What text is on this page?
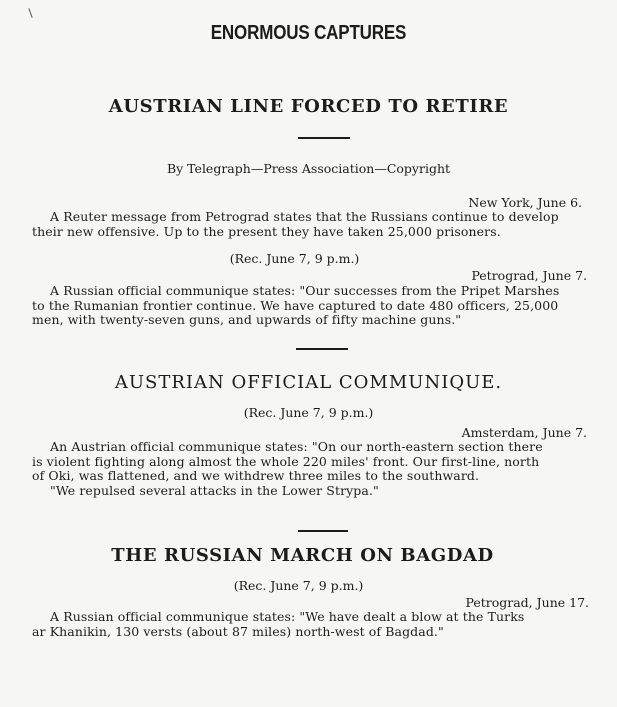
ENORMOUS CAPTURES
AUSTRIAN LINE FORCED TO RETIRE
By Telegraph—Press Association—Copyright
New York, June 6.
A Reuter message from Petrograd states that the Russians continue to develop
their new offensive. Up to the present they have taken 25,000 prisoners.
(Rec. June 7, 9 p.m.)
Petrograd, June 7.
A Russian official communique states: "Our successes from the Pripet Marshes
to the Rumanian frontier continue. We have captured to date 480 officers, 25,000
men, with twenty-seven guns, and upwards of fifty machine guns."
AUSTRIAN OFFICIAL COMMUNIQUE.
(Rec. June 7, 9 p.m.)
Amsterdam, June 7.
An Austrian official communique states: "On our north-eastern section there
is violent fighting along almost the whole 220 miles' front. Our first-line, north
of Oki, was flattened, and we withdrew three miles to the southward.
"We repulsed several attacks in the Lower Strypa."
THE RUSSIAN MARCH ON BAGDAD
(Rec. June 7, 9 p.m.)
Petrograd, June 17.
A Russian official communique states: "We have dealt a blow at the Turks
ar Khanikin, 130 versts (about 87 miles) north-west of Bagdad."
